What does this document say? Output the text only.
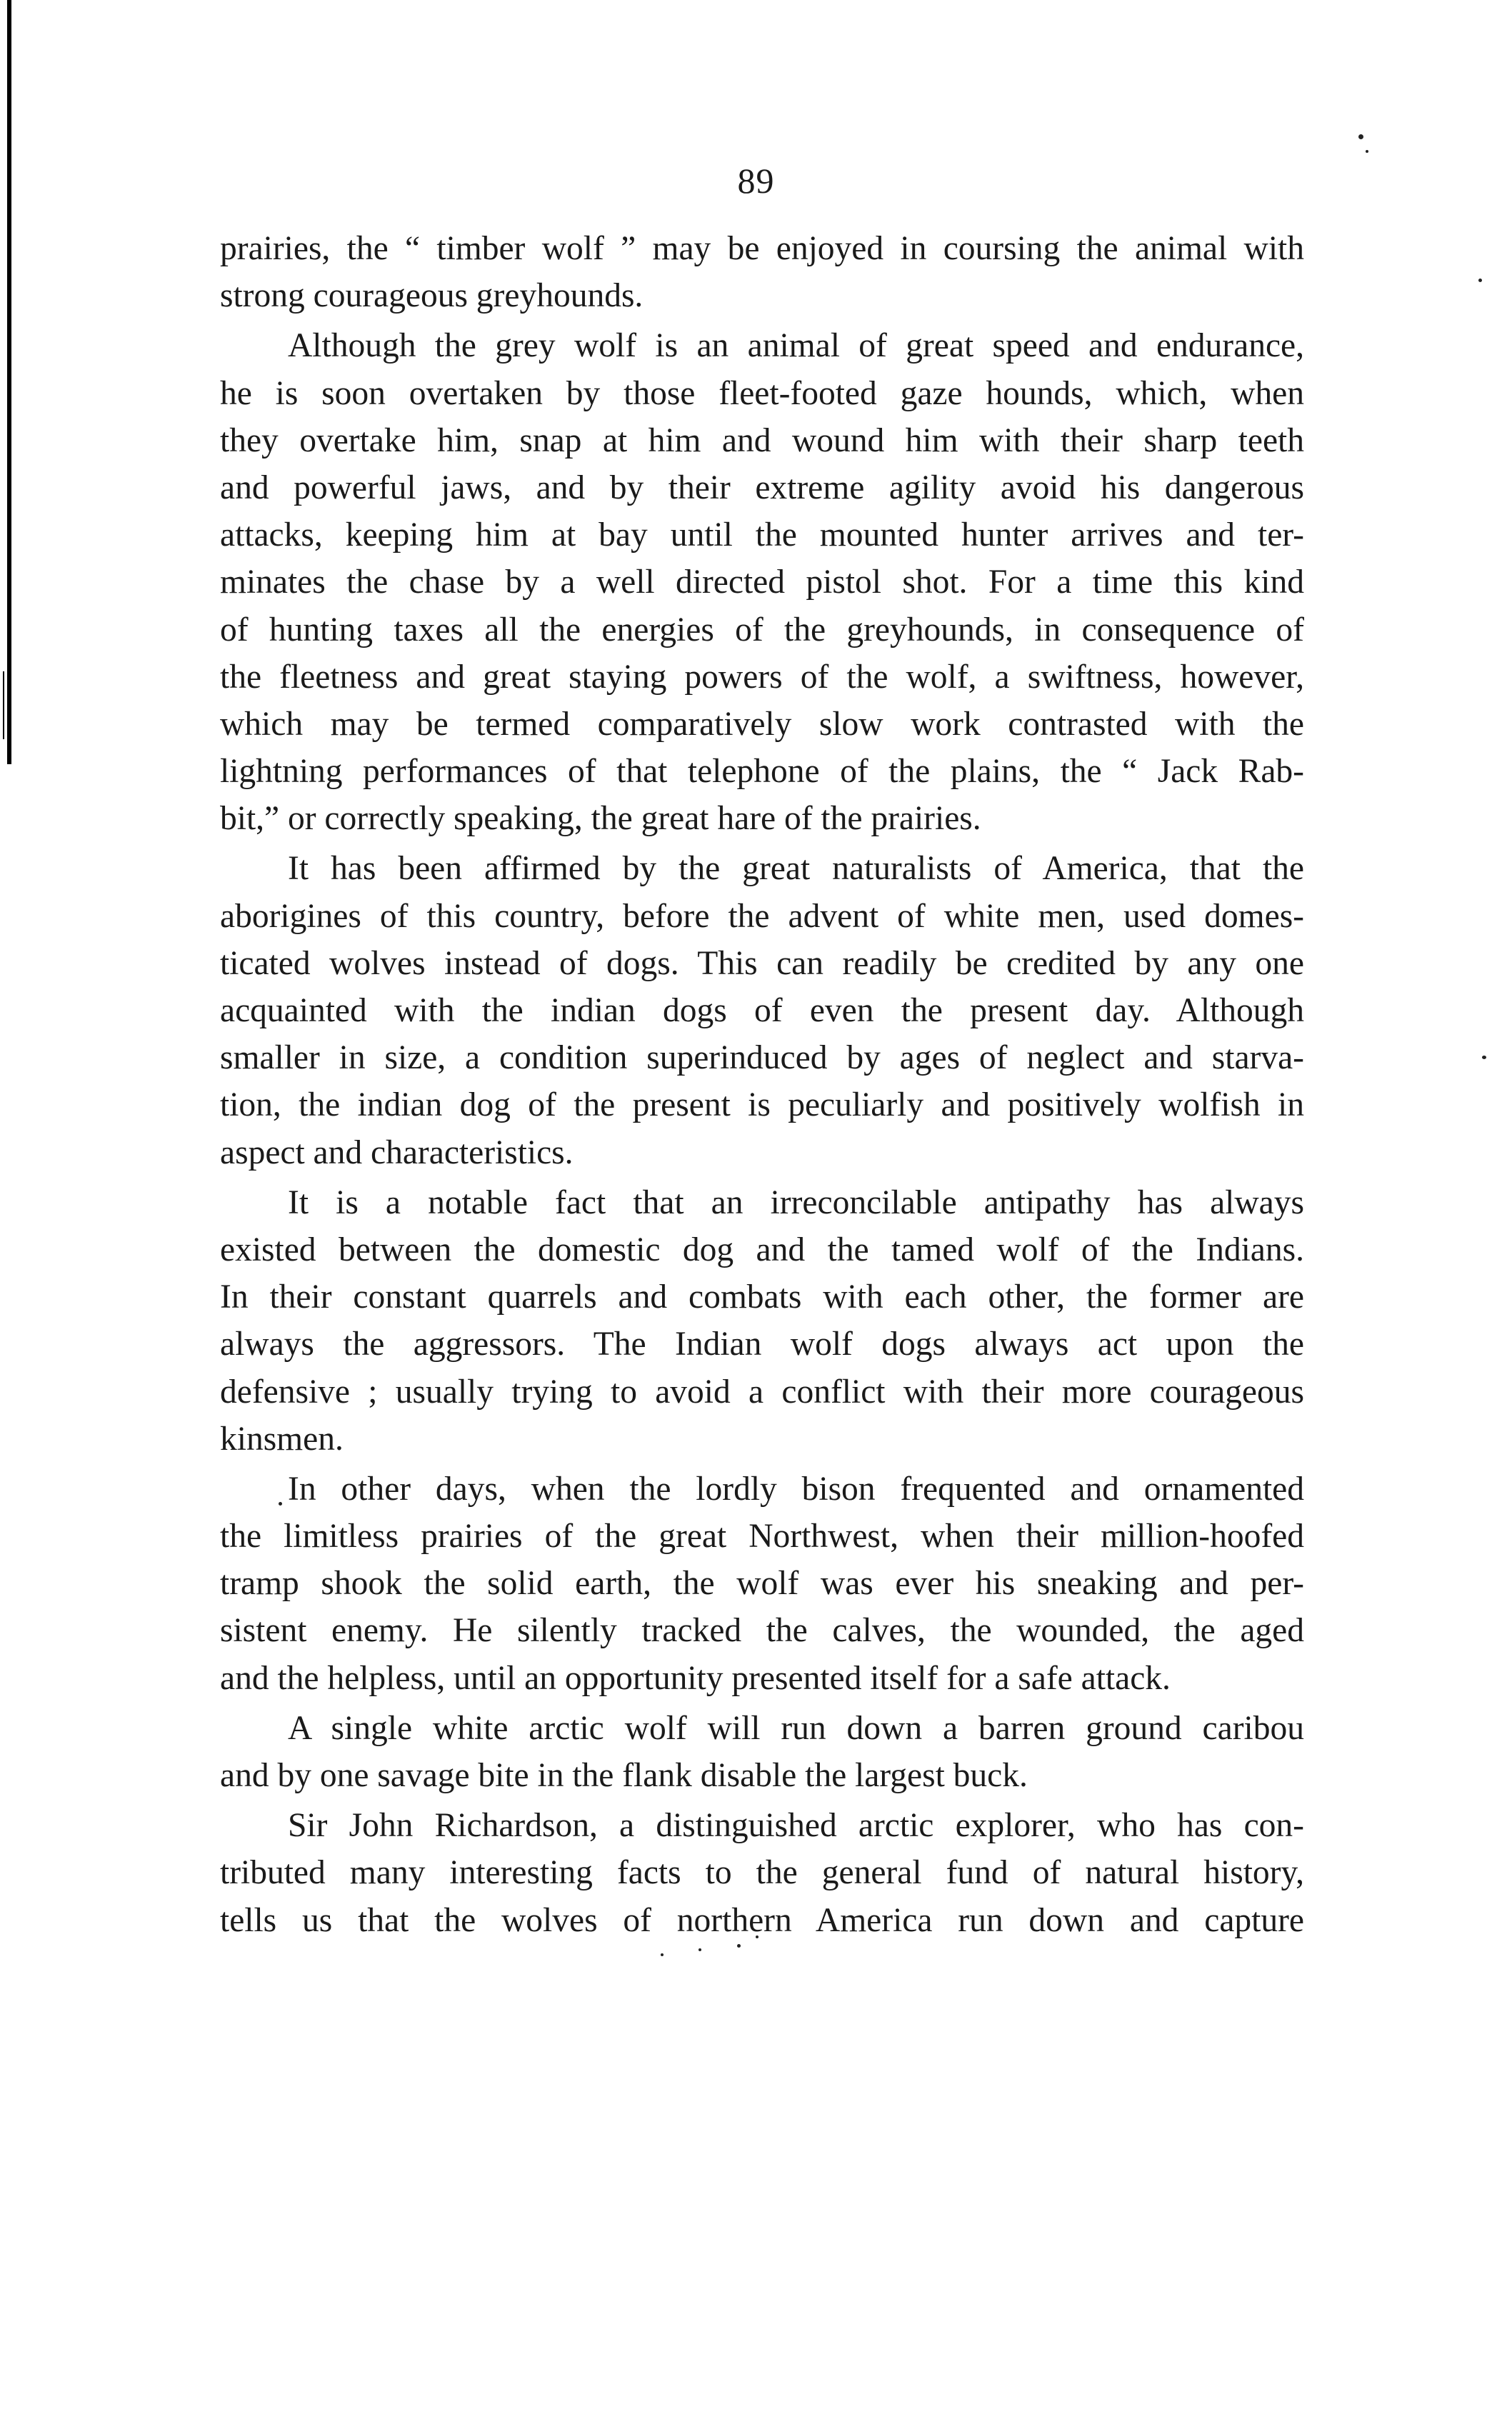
89
prairies, the “ timber wolf ” may be enjoyed in coursing the animal with
strong courageous greyhounds.
Although the grey wolf is an animal of great speed and endurance,
he is soon overtaken by those fleet-footed gaze hounds, which, when
they overtake him, snap at him and wound him with their sharp teeth
and powerful jaws, and by their extreme agility avoid his dangerous
attacks, keeping him at bay until the mounted hunter arrives and ter-
minates the chase by a well directed pistol shot. For a time this kind
of hunting taxes all the energies of the greyhounds, in consequence of
the fleetness and great staying powers of the wolf, a swiftness, however,
which may be termed comparatively slow work contrasted with the
lightning performances of that telephone of the plains, the “ Jack Rab-
bit,” or correctly speaking, the great hare of the prairies.
It has been affirmed by the great naturalists of America, that the
aborigines of this country, before the advent of white men, used domes-
ticated wolves instead of dogs. This can readily be credited by any one
acquainted with the indian dogs of even the present day. Although
smaller in size, a condition superinduced by ages of neglect and starva-
tion, the indian dog of the present is peculiarly and positively wolfish in
aspect and characteristics.
It is a notable fact that an irreconcilable antipathy has always
existed between the domestic dog and the tamed wolf of the Indians.
In their constant quarrels and combats with each other, the former are
always the aggressors. The Indian wolf dogs always act upon the
defensive ; usually trying to avoid a conflict with their more courageous
kinsmen.
In other days, when the lordly bison frequented and ornamented
the limitless prairies of the great Northwest, when their million-hoofed
tramp shook the solid earth, the wolf was ever his sneaking and per-
sistent enemy. He silently tracked the calves, the wounded, the aged
and the helpless, until an opportunity presented itself for a safe attack.
A single white arctic wolf will run down a barren ground caribou
and by one savage bite in the flank disable the largest buck.
Sir John Richardson, a distinguished arctic explorer, who has con-
tributed many interesting facts to the general fund of natural history,
tells us that the wolves of northern America run down and capture
